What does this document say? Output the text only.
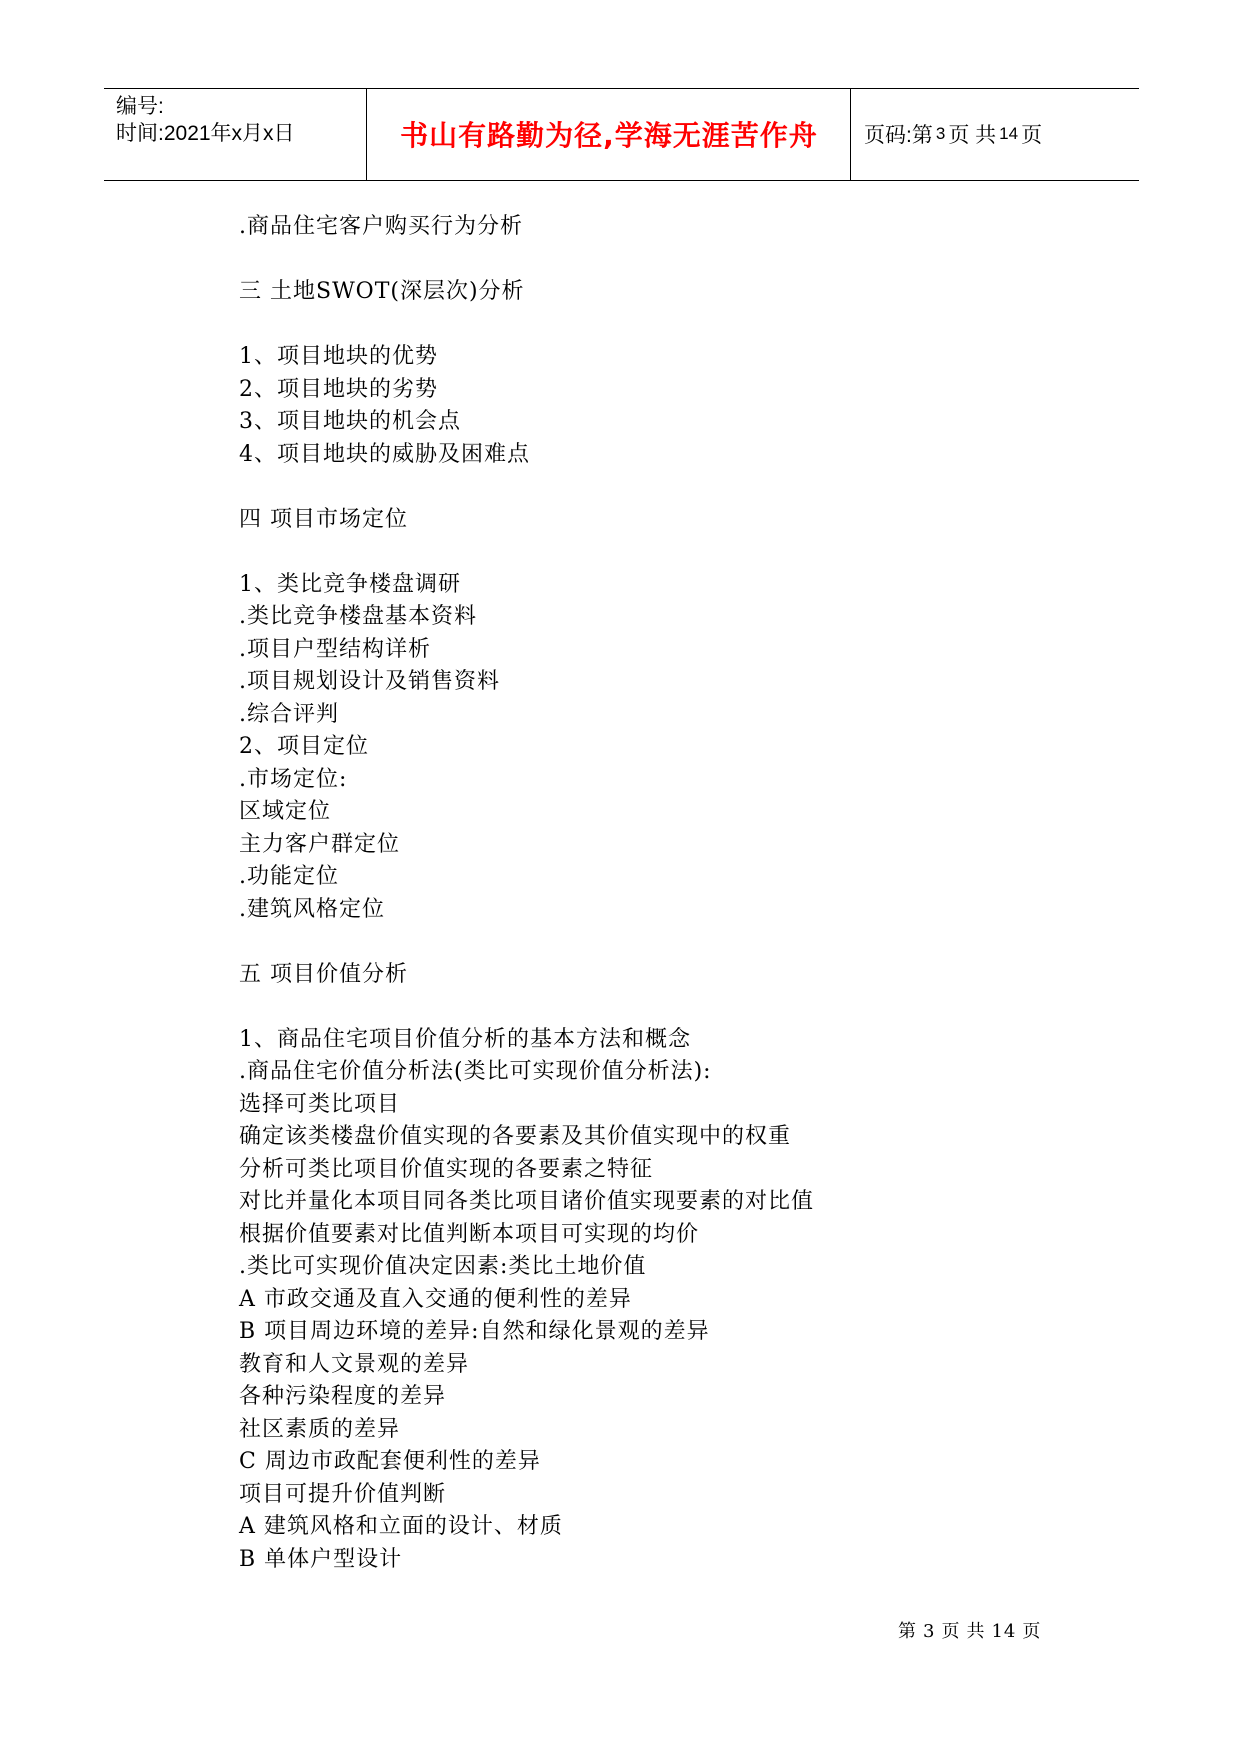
编号:
时间:2021年x月x日	书山有路勤为径,学海无涯苦作舟	页码:第 3 页 共 14 页
.商品住宅客户购买行为分析
三 土地SWOT(深层次)分析
1、项目地块的优势
2、项目地块的劣势
3、项目地块的机会点
4、项目地块的威胁及困难点
四 项目市场定位
1、类比竞争楼盘调研
.类比竞争楼盘基本资料
.项目户型结构详析
.项目规划设计及销售资料
.综合评判
2、项目定位
.市场定位:
区域定位
主力客户群定位
.功能定位
.建筑风格定位
五 项目价值分析
1、商品住宅项目价值分析的基本方法和概念
.商品住宅价值分析法(类比可实现价值分析法):
选择可类比项目
确定该类楼盘价值实现的各要素及其价值实现中的权重
分析可类比项目价值实现的各要素之特征
对比并量化本项目同各类比项目诸价值实现要素的对比值
根据价值要素对比值判断本项目可实现的均价
.类比可实现价值决定因素:类比土地价值
A 市政交通及直入交通的便利性的差异
B 项目周边环境的差异:自然和绿化景观的差异
教育和人文景观的差异
各种污染程度的差异
社区素质的差异
C 周边市政配套便利性的差异
项目可提升价值判断
A 建筑风格和立面的设计、材质
B 单体户型设计
第 3 页 共 14 页
